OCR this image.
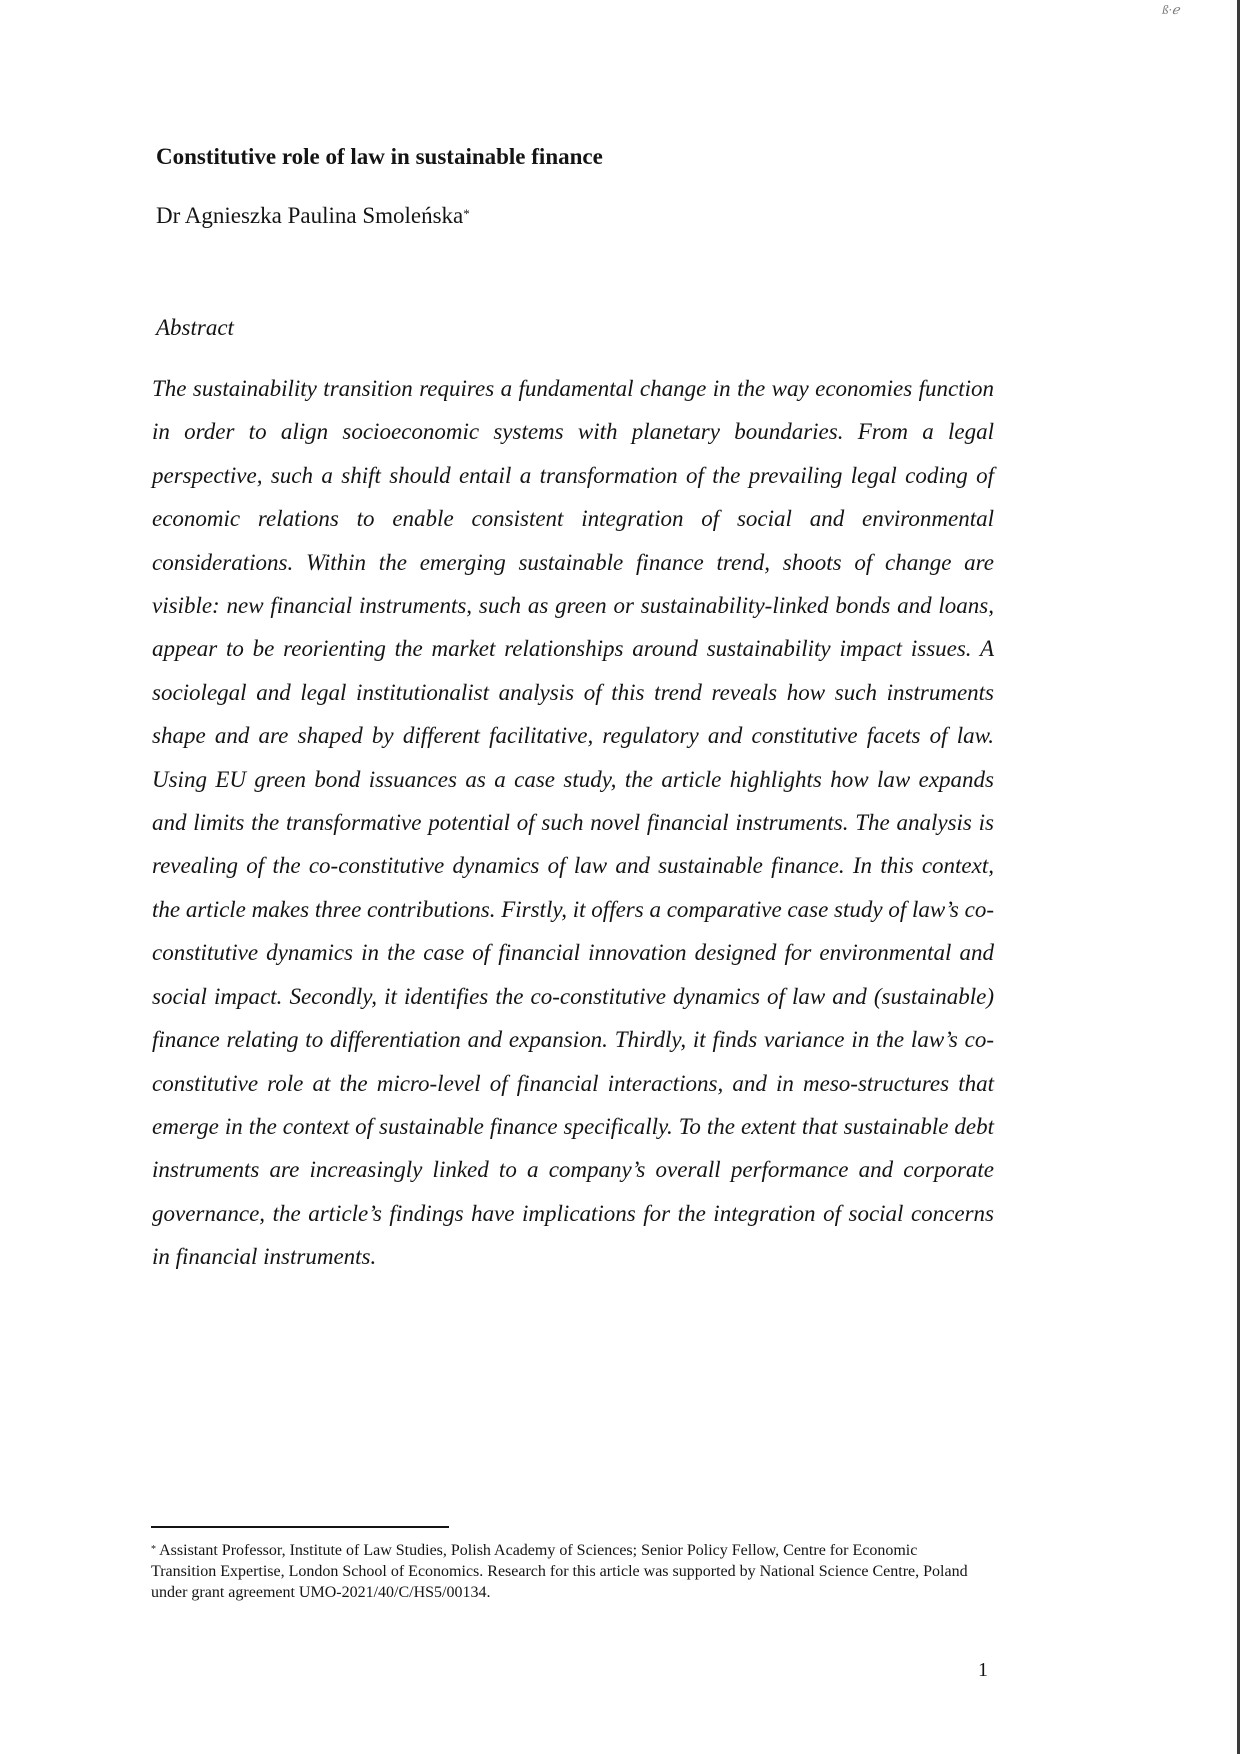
ß·ℯ
Constitutive role of law in sustainable finance

Dr Agnieszka Paulina Smoleńska*

Abstract

The sustainability transition requires a fundamental change in the way economies function in order to align socioeconomic systems with planetary boundaries. From a legal perspective, such a shift should entail a transformation of the prevailing legal coding of economic relations to enable consistent integration of social and environmental considerations. Within the emerging sustainable finance trend, shoots of change are visible: new financial instruments, such as green or sustainability-linked bonds and loans, appear to be reorienting the market relationships around sustainability impact issues. A sociolegal and legal institutionalist analysis of this trend reveals how such instruments shape and are shaped by different facilitative, regulatory and constitutive facets of law. Using EU green bond issuances as a case study, the article highlights how law expands and limits the transformative potential of such novel financial instruments. The analysis is revealing of the co-constitutive dynamics of law and sustainable finance. In this context, the article makes three contributions. Firstly, it offers a comparative case study of law’s co-constitutive dynamics in the case of financial innovation designed for environmental and social impact. Secondly, it identifies the co-constitutive dynamics of law and (sustainable) finance relating to differentiation and expansion. Thirdly, it finds variance in the law’s co-constitutive role at the micro-level of financial interactions, and in meso-structures that emerge in the context of sustainable finance specifically. To the extent that sustainable debt instruments are increasingly linked to a company’s overall performance and corporate governance, the article’s findings have implications for the integration of social concerns in financial instruments.

* Assistant Professor, Institute of Law Studies, Polish Academy of Sciences; Senior Policy Fellow, Centre for Economic Transition Expertise, London School of Economics. Research for this article was supported by National Science Centre, Poland under grant agreement UMO-2021/40/C/HS5/00134.

1
